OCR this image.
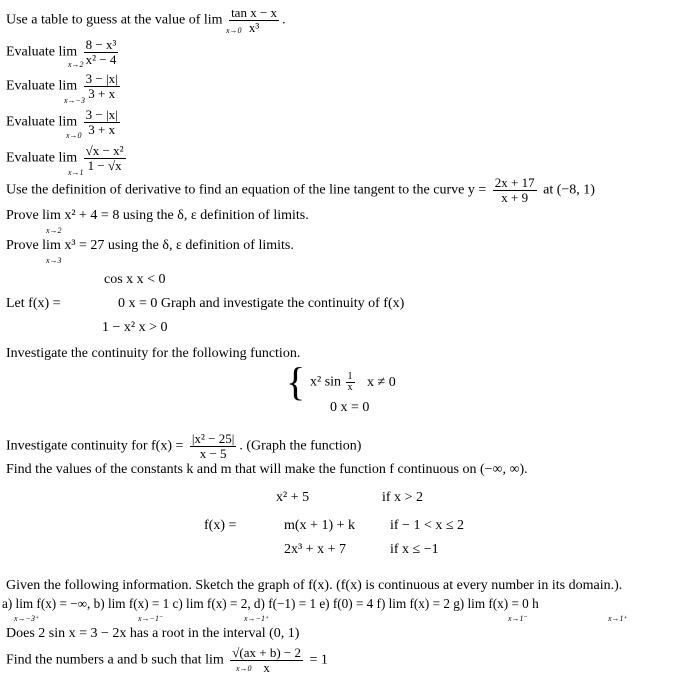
Use a table to guess at the value of $\lim \frac{\text{tan x − x}}{\text{x³}}$ .
x→0
Evaluate $\lim \frac{\text{8 − x³}}{\text{x² − 4}}$
x→2
Evaluate $\lim \frac{3 - |x|}{3 + x}$
x→−3
Evaluate $\lim \frac{3 - |x|}{3 + x}$
x→0
Evaluate $\lim \frac{\text{√x − x²}}{1 - √x}$
x→1
Use the definition of derivative to find an equation of the line tangent to the curve $y = \frac{2x + 17}{x + 9}$ at (−8, 1)
Prove lim x² + 4 = 8 using the δ, ε definition of limits.
x→2
Prove lim x³ = 27 using the δ, ε definition of limits.
x→3
cos x x < 0
Let f(x) =	0 x = 0 Graph and investigate the continuity of f(x)
1 − x² x > 0
Investigate the continuity for the following function.
{ x² $\sin \frac{1}{x}$ x ≠ 0
0 x = 0
Investigate continuity for $f(x) = \frac{\text{|x² − 25|}}{x - 5}$ . (Graph the function)
Find the values of the constants k and m that will make the function f continuous on (−∞, ∞).
x² + 5	if x > 2
f(x) =	m(x + 1) + k if − 1 < x ≤ 2
2x³ + x + 7	if x ≤ −1
Given the following information. Sketch the graph of f(x). (f(x) is continuous at every number in its domain.).
a) lim f(x) = −∞, b) lim f(x) = 1 c) lim f(x) = 2, d) f(−1) = 1 e) f(0) = 4 f) lim f(x) = 2 g) lim f(x) = 0 h
x→−3⁺	x→−1⁻	x→−1⁺	x→1⁻	x→1⁺
Does 2 sin x = 3 − 2x has a root in the interval (0, 1)
Find the numbers a and b such that $\lim \frac{√(ax + b) - 2}{x} = 1$
x→0
